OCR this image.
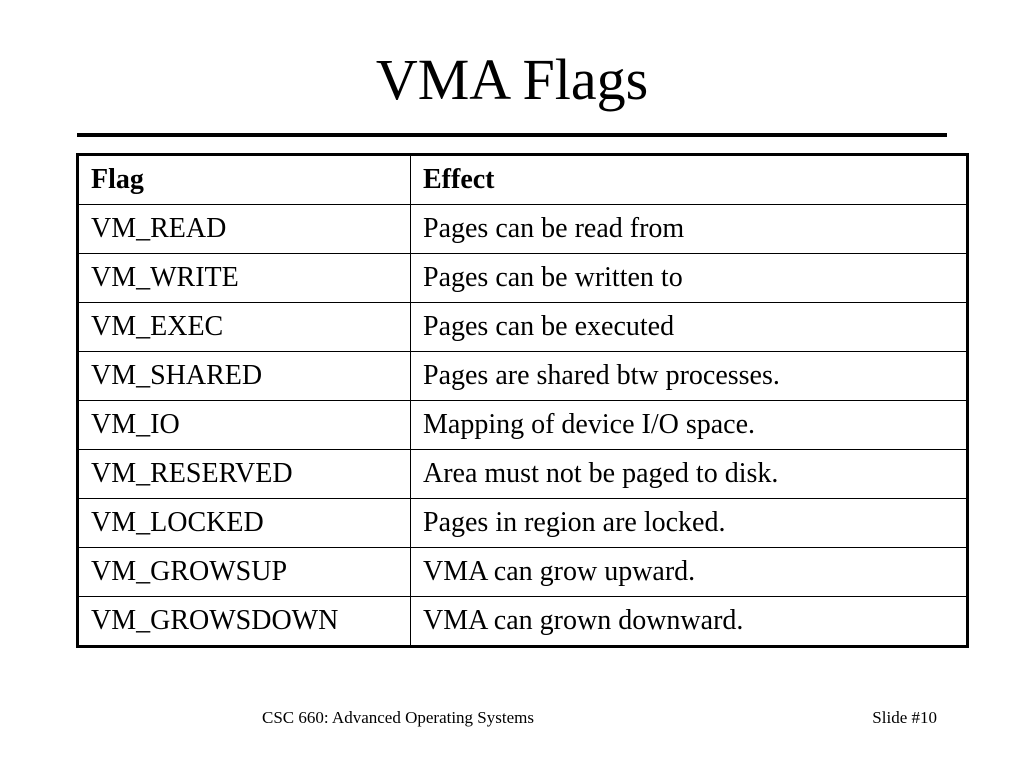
VMA Flags
Flag	Effect
VM_READ	Pages can be read from
VM_WRITE	Pages can be written to
VM_EXEC	Pages can be executed
VM_SHARED	Pages are shared btw processes.
VM_IO	Mapping of device I/O space.
VM_RESERVED	Area must not be paged to disk.
VM_LOCKED	Pages in region are locked.
VM_GROWSUP	VMA can grow upward.
VM_GROWSDOWN	VMA can grown downward.
CSC 660: Advanced Operating Systems	Slide #10
